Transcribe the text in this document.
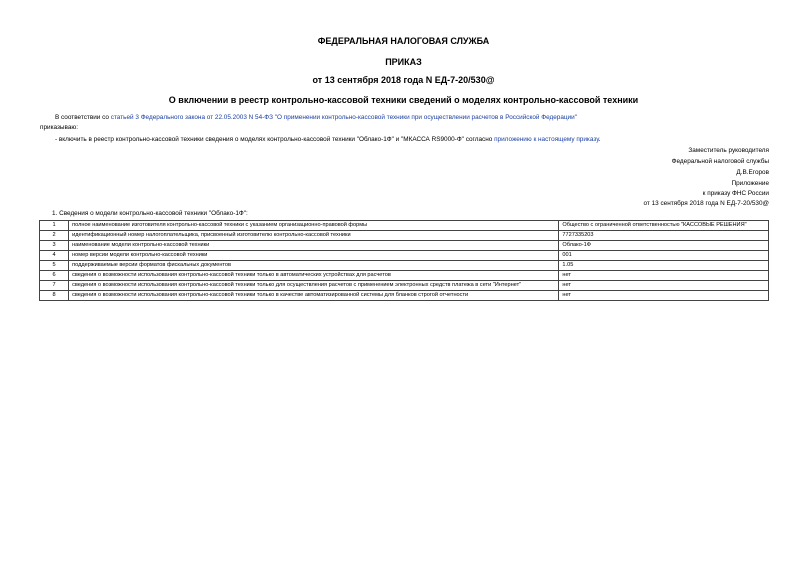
ФЕДЕРАЛЬНАЯ НАЛОГОВАЯ СЛУЖБА
ПРИКАЗ
от 13 сентября 2018 года N ЕД-7-20/530@
О включении в реестр контрольно-кассовой техники сведений о моделях контрольно-кассовой техники
В соответствии со статьей 3 Федерального закона от 22.05.2003 N 54-ФЗ "О применении контрольно-кассовой техники при осуществлении расчетов в Российской Федерации"
приказываю:
- включить в реестр контрольно-кассовой техники сведения о моделях контрольно-кассовой техники "Облако-1Ф" и "МКАССА RS9000-Ф" согласно приложению к настоящему приказу.
Заместитель руководителя
Федеральной налоговой службы
Д.В.Егоров
Приложение
к приказу ФНС России
от 13 сентября 2018 года N ЕД-7-20/530@
1. Сведения о модели контрольно-кассовой техники "Облако-1Ф":
1	полное наименование изготовителя контрольно-кассовой техники с указанием организационно-правовой формы	Общество с ограниченной ответственностью "КАССОВЫЕ РЕШЕНИЯ"
2	идентификационный номер налогоплательщика, присвоенный изготовителю контрольно-кассовой техники	7727335203
3	наименование модели контрольно-кассовой техники	Облако-1Ф
4	номер версии модели контрольно-кассовой техники	001
5	поддерживаемые версии форматов фискальных документов	1.05
6	сведения о возможности использования контрольно-кассовой техники только в автоматических устройствах для расчетов	нет
7	сведения о возможности использования контрольно-кассовой техники только для осуществления расчетов с применением электронных средств платежа в сети "Интернет"	нет
8	сведения о возможности использования контрольно-кассовой техники только в качестве автоматизированной системы для бланков строгой отчетности	нет
